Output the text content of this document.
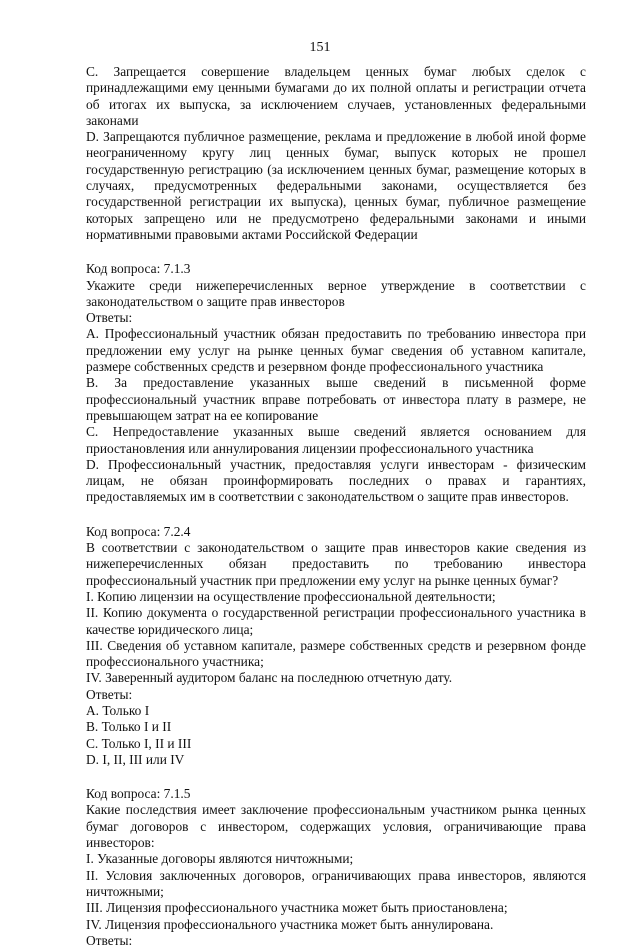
151

C. Запрещается совершение владельцем ценных бумаг любых сделок с принадлежащими ему ценными бумагами до их полной оплаты и регистрации отчета об итогах их выпуска, за исключением случаев, установленных федеральными законами

D. Запрещаются публичное размещение, реклама и предложение в любой иной форме неограниченному кругу лиц ценных бумаг, выпуск которых не прошел государственную регистрацию (за исключением ценных бумаг, размещение которых в случаях, предусмотренных федеральными законами, осуществляется без государственной регистрации их выпуска), ценных бумаг, публичное размещение которых запрещено или не предусмотрено федеральными законами и иными нормативными правовыми актами Российской Федерации

Код вопроса: 7.1.3

Укажите среди нижеперечисленных верное утверждение в соответствии с законодательством о защите прав инвесторов

Ответы:

A. Профессиональный участник обязан предоставить по требованию инвестора при предложении ему услуг на рынке ценных бумаг сведения об уставном капитале, размере собственных средств и резервном фонде профессионального участника

B. За предоставление указанных выше сведений в письменной форме профессиональный участник вправе потребовать от инвестора плату в размере, не превышающем затрат на ее копирование

C. Непредоставление указанных выше сведений является основанием для приостановления или аннулирования лицензии профессионального участника

D. Профессиональный участник, предоставляя услуги инвесторам - физическим лицам, не обязан проинформировать последних о правах и гарантиях, предоставляемых им в соответствии с законодательством о защите прав инвесторов.

Код вопроса: 7.2.4

В соответствии с законодательством о защите прав инвесторов какие сведения из нижеперечисленных обязан предоставить по требованию инвестора профессиональный участник при предложении ему услуг на рынке ценных бумаг?

I. Копию лицензии на осуществление профессиональной деятельности;

II. Копию документа о государственной регистрации профессионального участника в качестве юридического лица;

III. Сведения об уставном капитале, размере собственных средств и резервном фонде профессионального участника;

IV. Заверенный аудитором баланс на последнюю отчетную дату.

Ответы:

A. Только I

B. Только I и II

C. Только I, II и III

D. I, II, III или IV

Код вопроса: 7.1.5

Какие последствия имеет заключение профессиональным участником рынка ценных бумаг договоров с инвестором, содержащих условия, ограничивающие права инвесторов:

I. Указанные договоры являются ничтожными;

II. Условия заключенных договоров, ограничивающих права инвесторов, являются ничтожными;

III. Лицензия профессионального участника может быть приостановлена;

IV. Лицензия профессионального участника может быть аннулирована.

Ответы:
